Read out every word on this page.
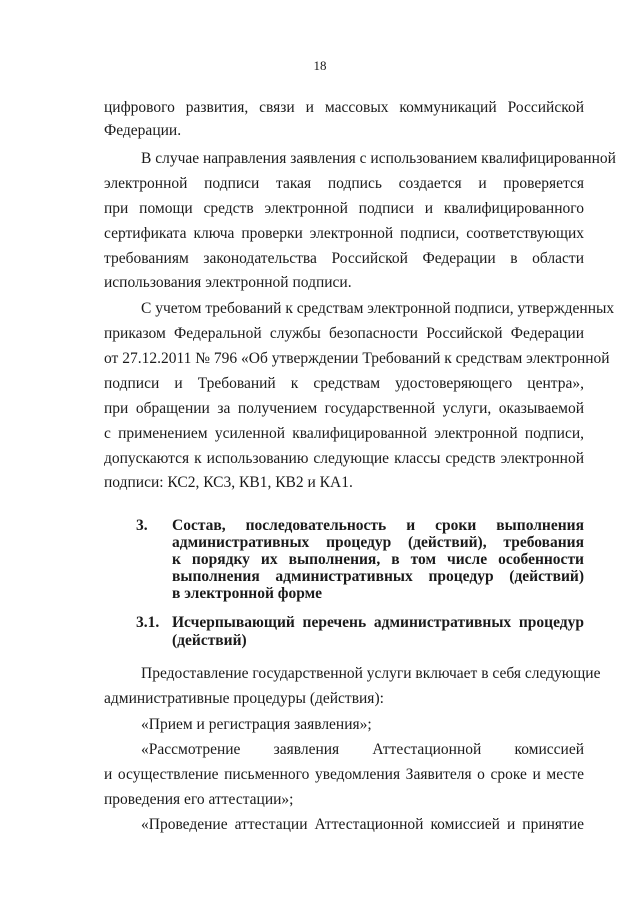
18
цифрового развития, связи и массовых коммуникаций Российской
Федерации.
В случае направления заявления с использованием квалифицированной
электронной подписи такая подпись создается и проверяется
при помощи средств электронной подписи и квалифицированного
сертификата ключа проверки электронной подписи, соответствующих
требованиям законодательства Российской Федерации в области
использования электронной подписи.
С учетом требований к средствам электронной подписи, утвержденных
приказом Федеральной службы безопасности Российской Федерации
от 27.12.2011 № 796 «Об утверждении Требований к средствам электронной
подписи и Требований к средствам удостоверяющего центра»,
при обращении за получением государственной услуги, оказываемой
с применением усиленной квалифицированной электронной подписи,
допускаются к использованию следующие классы средств электронной
подписи: КС2, КС3, КВ1, КВ2 и КА1.
3. Состав, последовательность и сроки выполнения
административных процедур (действий), требования
к порядку их выполнения, в том числе особенности
выполнения административных процедур (действий)
в электронной форме
3.1. Исчерпывающий перечень административных процедур
(действий)
Предоставление государственной услуги включает в себя следующие
административные процедуры (действия):
«Прием и регистрация заявления»;
«Рассмотрение заявления Аттестационной комиссией
и осуществление письменного уведомления Заявителя о сроке и месте
проведения его аттестации»;
«Проведение аттестации Аттестационной комиссией и принятие
